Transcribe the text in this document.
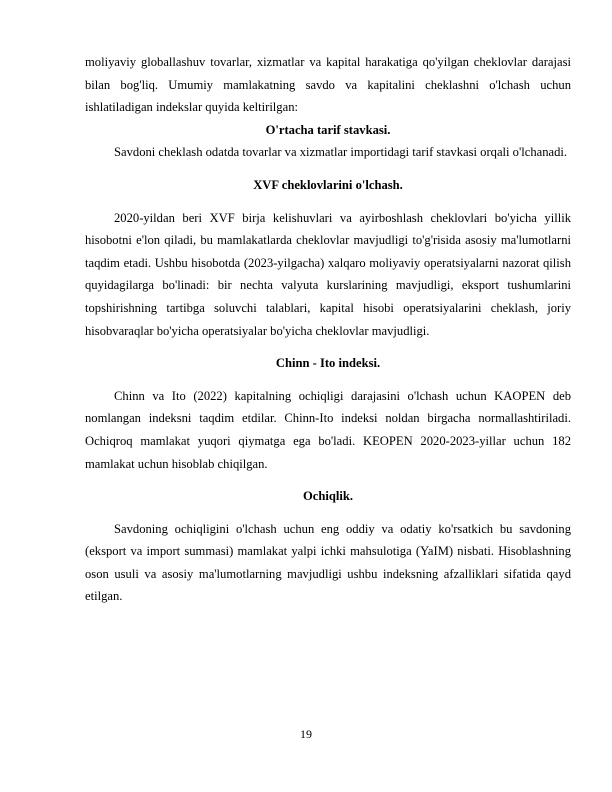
moliyaviy globallashuv tovarlar, xizmatlar va kapital harakatiga qo'yilgan cheklovlar darajasi bilan bog'liq. Umumiy mamlakatning savdo va kapitalini cheklashni o'lchash uchun ishlatiladigan indekslar quyida keltirilgan:

O'rtacha tarif stavkasi.

Savdoni cheklash odatda tovarlar va xizmatlar importidagi tarif stavkasi orqali o'lchanadi.

XVF cheklovlarini o'lchash.

2020-yildan beri XVF birja kelishuvlari va ayirboshlash cheklovlari bo'yicha yillik hisobotni e'lon qiladi, bu mamlakatlarda cheklovlar mavjudligi to'g'risida asosiy ma'lumotlarni taqdim etadi. Ushbu hisobotda (2023-yilgacha) xalqaro moliyaviy operatsiyalarni nazorat qilish quyidagilarga bo'linadi: bir nechta valyuta kurslarining mavjudligi, eksport tushumlarini topshirishning tartibga soluvchi talablari, kapital hisobi operatsiyalarini cheklash, joriy hisobvaraqlar bo'yicha operatsiyalar bo'yicha cheklovlar mavjudligi.

Chinn - Ito indeksi.

Chinn va Ito (2022) kapitalning ochiqligi darajasini o'lchash uchun KAOPEN deb nomlangan indeksni taqdim etdilar. Chinn-Ito indeksi noldan birgacha normallashtiriladi. Ochiqroq mamlakat yuqori qiymatga ega bo'ladi. KEOPEN 2020-2023-yillar uchun 182 mamlakat uchun hisoblab chiqilgan.

Ochiqlik.

Savdoning ochiqligini o'lchash uchun eng oddiy va odatiy ko'rsatkich bu savdoning (eksport va import summasi) mamlakat yalpi ichki mahsulotiga (YaIM) nisbati. Hisoblashning oson usuli va asosiy ma'lumotlarning mavjudligi ushbu indeksning afzalliklari sifatida qayd etilgan.

19
